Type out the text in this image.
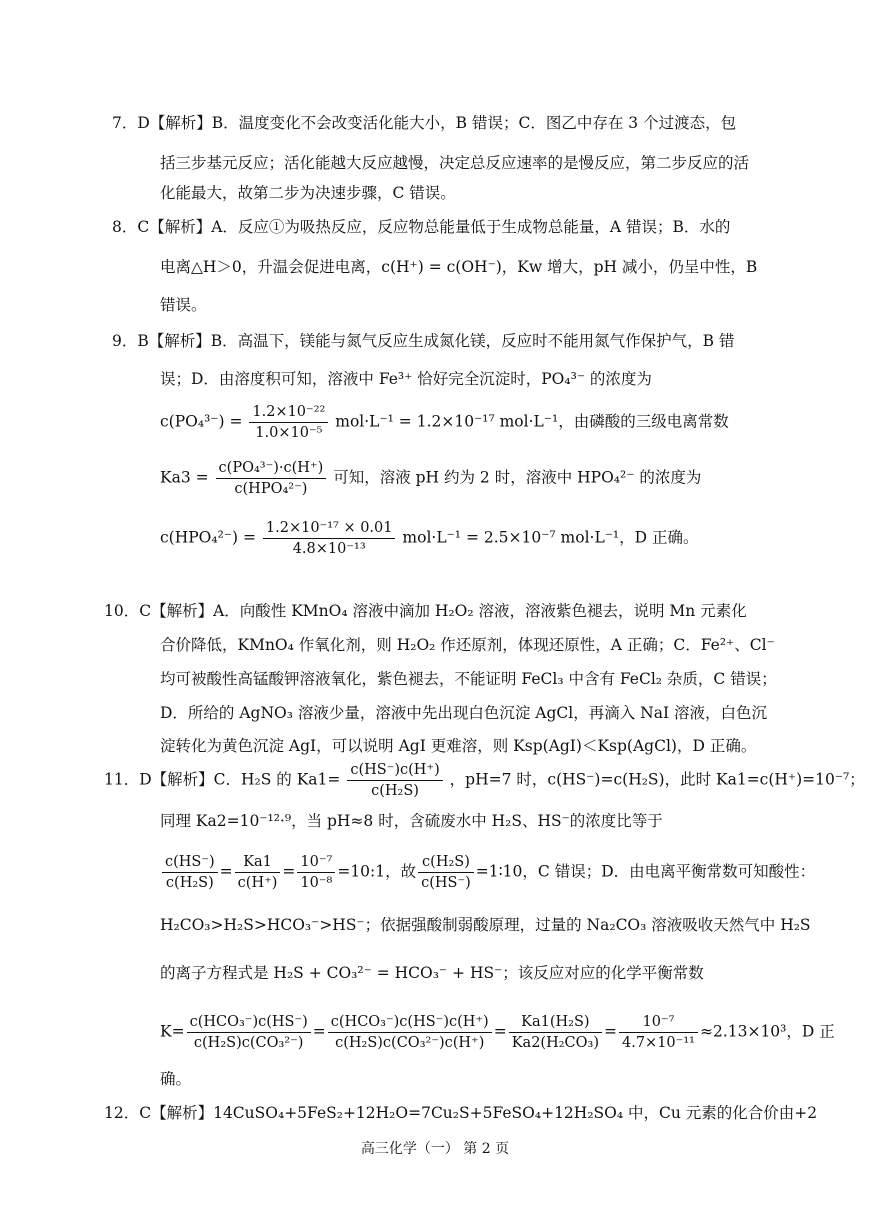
7．D【解析】B．温度变化不会改变活化能大小，B 错误；C．图乙中存在 3 个过渡态，包
括三步基元反应；活化能越大反应越慢，决定总反应速率的是慢反应，第二步反应的活
化能最大，故第二步为决速步骤，C 错误。
8．C【解析】A．反应①为吸热反应，反应物总能量低于生成物总能量，A 错误；B．水的
电离△H＞0，升温会促进电离，c(H⁺) = c(OH⁻)，Kw 增大，pH 减小，仍呈中性，B
错误。
9．B【解析】B．高温下，镁能与氮气反应生成氮化镁，反应时不能用氮气作保护气，B 错
误；D．由溶度积可知，溶液中 Fe³⁺ 恰好完全沉淀时，PO₄³⁻ 的浓度为
$c(PO_4^{3-}) = \frac{\text{1.2×10⁻²²}}{\text{1.0×10⁻⁵}} mol\cdot L^{-1} = 1.2\times 10^{-17}$ mol·L⁻¹，由磷酸的三级电离常数
Ka3 =
c(PO₄³⁻)·c(H⁺)
c(HPO₄²⁻)
可知，溶液 pH 约为 2 时，溶液中 HPO₄²⁻ 的浓度为
$c(HPO_4^{2-}) = \frac{\text{1.2×10⁻¹⁷ × 0.01}}{\text{4.8×10⁻¹³}} mol\cdot L^{-1} = 2.5\times 10^{-7}$ mol·L⁻¹，D 正确。
10．C【解析】A．向酸性 KMnO₄ 溶液中滴加 H₂O₂ 溶液，溶液紫色褪去，说明 Mn 元素化
合价降低，KMnO₄ 作氧化剂，则 H₂O₂ 作还原剂，体现还原性，A 正确；C．Fe²⁺、Cl⁻
均可被酸性高锰酸钾溶液氧化，紫色褪去，不能证明 FeCl₃ 中含有 FeCl₂ 杂质，C 错误；
D．所给的 AgNO₃ 溶液少量，溶液中先出现白色沉淀 AgCl，再滴入 NaI 溶液，白色沉
淀转化为黄色沉淀 AgI，可以说明 AgI 更难溶，则 Ksp(AgI)＜Ksp(AgCl)，D 正确。
11．D【解析】C．H₂S 的 $Ka1= \frac{c(HS^-)c(H^+)}{\text{c(H₂S)}}$ ，pH=7 时，c(HS⁻)=c(H₂S)，此时 Ka1=c(H⁺)=10⁻⁷；
同理 Ka2=10⁻¹²·⁹，当 pH≈8 时，含硫废水中 H₂S、HS⁻的浓度比等于
$\frac{c(HS^-)}{\text{c(H₂S)}} = \frac{Ka1}{c(H^+)} = \frac{\text{10⁻⁷}}{\text{10⁻⁸}}$ =10:1，故 $\frac{\text{c(H₂S)}}{c(HS^-)}$ =1∶10，C 错误；D．由电离平衡常数可知酸性：
H₂CO₃>H₂S>HCO₃⁻>HS⁻；依据强酸制弱酸原理，过量的 Na₂CO₃ 溶液吸收天然气中 H₂S
的离子方程式是 H₂S + CO₃²⁻ = HCO₃⁻ + HS⁻；该反应对应的化学平衡常数
K=
c(HCO₃⁻)c(HS⁻)
c(H₂S)c(CO₃²⁻)
=
c(HCO₃⁻)c(HS⁻)c(H⁺)
c(H₂S)c(CO₃²⁻)c(H⁺)
= $\frac{\text{Ka1(H₂S)}}{\text{Ka2(H₂CO₃)}} = \frac{\text{10⁻⁷}}{\text{4.7×10⁻¹¹}} \approx 2.13\times 10^3$，D 正
确。
12．C【解析】14CuSO₄+5FeS₂+12H₂O=7Cu₂S+5FeSO₄+12H₂SO₄ 中，Cu 元素的化合价由+2
高三化学（一） 第 2 页
